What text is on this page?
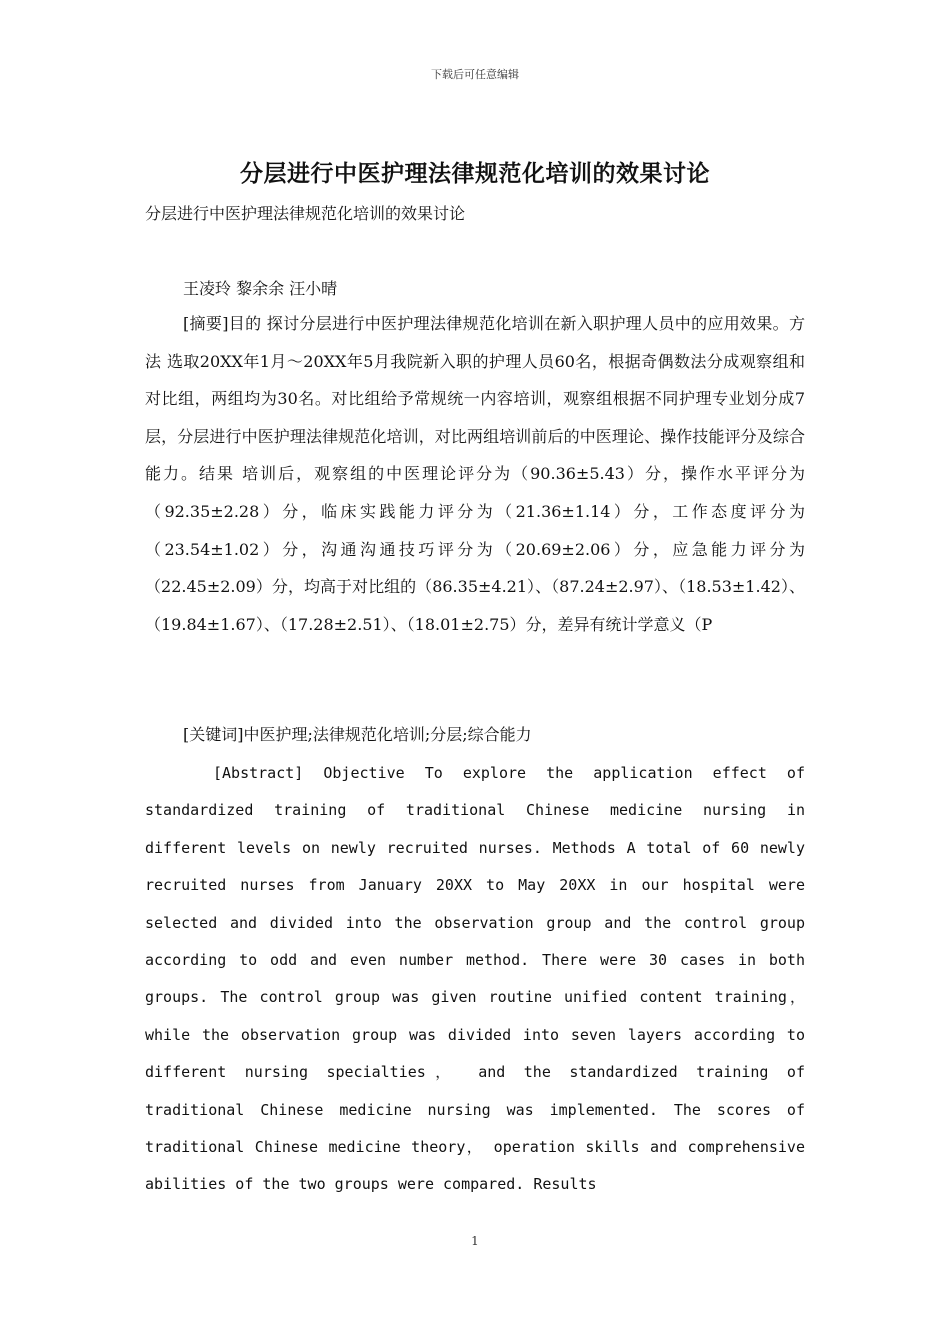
下载后可任意编辑
分层进行中医护理法律规范化培训的效果讨论
分层进行中医护理法律规范化培训的效果讨论
王凌玲 黎余余 汪小晴
[摘要]目的 探讨分层进行中医护理法律规范化培训在新入职护理人员中的应用效果。方法 选取20XX年1月～20XX年5月我院新入职的护理人员60名，根据奇偶数法分成观察组和对比组，两组均为30名。对比组给予常规统一内容培训，观察组根据不同护理专业划分成7层，分层进行中医护理法律规范化培训，对比两组培训前后的中医理论、操作技能评分及综合能力。结果 培训后，观察组的中医理论评分为（90.36±5.43）分，操作水平评分为（92.35±2.28）分，临床实践能力评分为（21.36±1.14）分，工作态度评分为（23.54±1.02）分，沟通沟通技巧评分为（20.69±2.06）分，应急能力评分为（22.45±2.09）分，均高于对比组的（86.35±4.21）、（87.24±2.97）、（18.53±1.42）、（19.84±1.67）、（17.28±2.51）、（18.01±2.75）分，差异有统计学意义（P
[关键词]中医护理;法律规范化培训;分层;综合能力
[Abstract] Objective To explore the application effect of standardized training of traditional Chinese medicine nursing in different levels on newly recruited nurses. Methods A total of 60 newly recruited nurses from January 20XX to May 20XX in our hospital were selected and divided into the observation group and the control group according to odd and even number method. There were 30 cases in both groups. The control group was given routine unified content training， while the observation group was divided into seven layers according to different nursing specialties， and the standardized training of traditional Chinese medicine nursing was implemented. The scores of traditional Chinese medicine theory， operation skills and comprehensive abilities of the two groups were compared. Results
1
